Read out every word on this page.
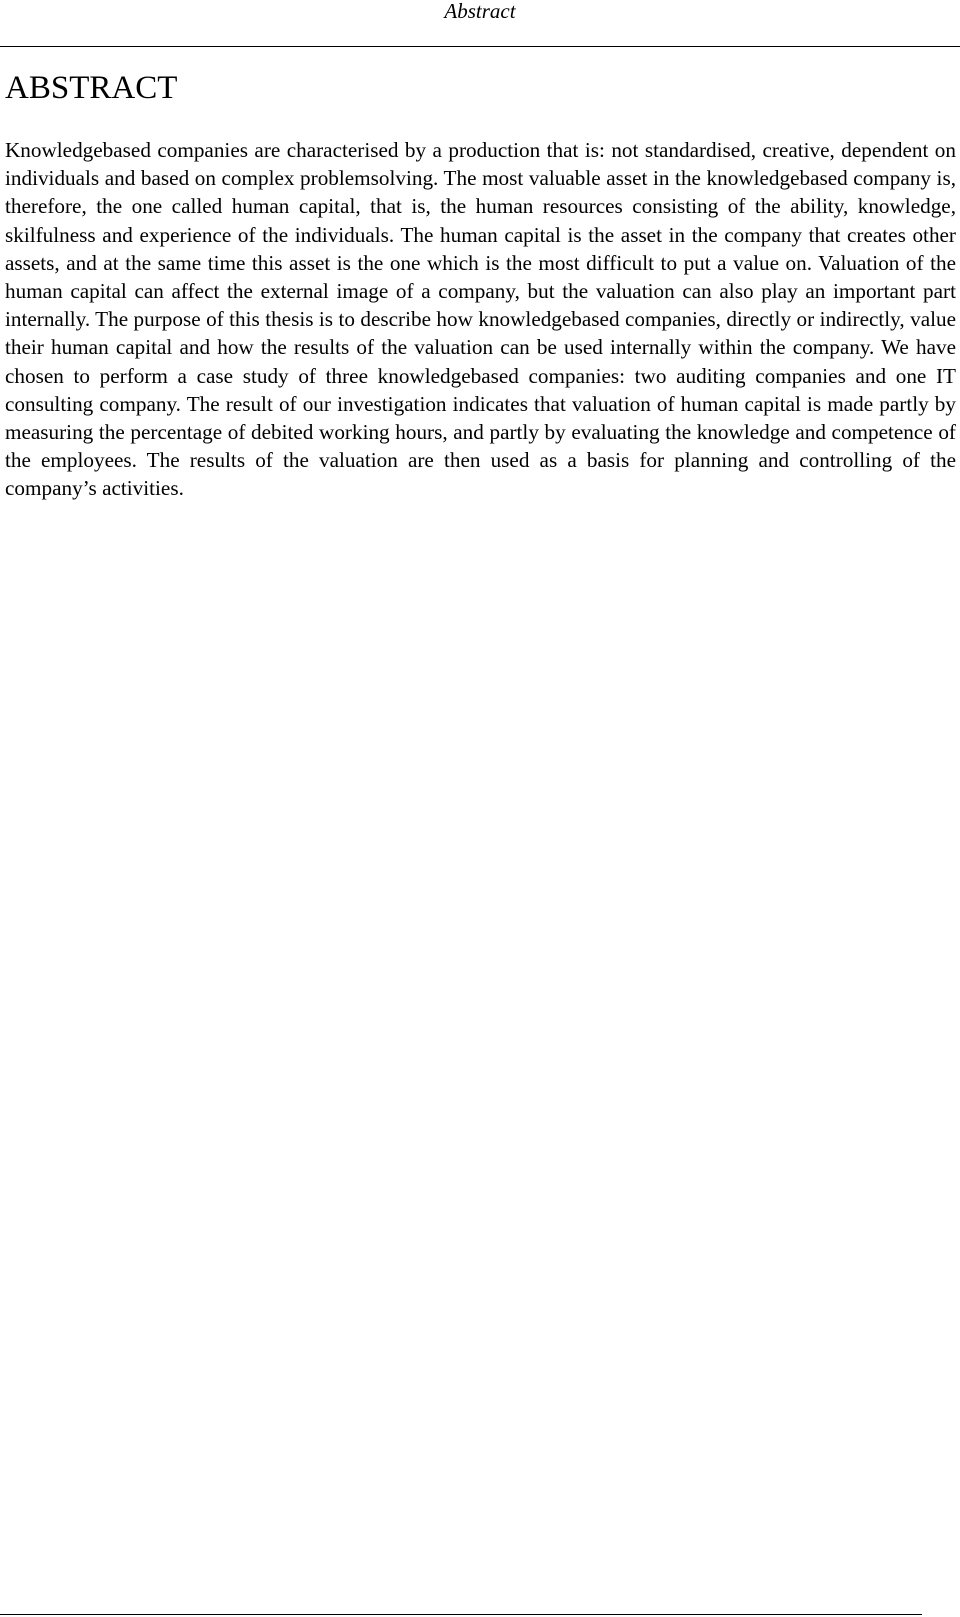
Abstract
ABSTRACT

Knowledgebased companies are characterised by a production that is: not standardised, creative, dependent on individuals and based on complex problemsolving. The most valuable asset in the knowledgebased company is, therefore, the one called human capital, that is, the human resources consisting of the ability, knowledge, skilfulness and experience of the individuals. The human capital is the asset in the company that creates other assets, and at the same time this asset is the one which is the most difficult to put a value on. Valuation of the human capital can affect the external image of a company, but the valuation can also play an important part internally. The purpose of this thesis is to describe how knowledgebased companies, directly or indirectly, value their human capital and how the results of the valuation can be used internally within the company. We have chosen to perform a case study of three knowledgebased companies: two auditing companies and one IT consulting company. The result of our investigation indicates that valuation of human capital is made partly by measuring the percentage of debited working hours, and partly by evaluating the knowledge and competence of the employees. The results of the valuation are then used as a basis for planning and controlling of the company’s activities.
